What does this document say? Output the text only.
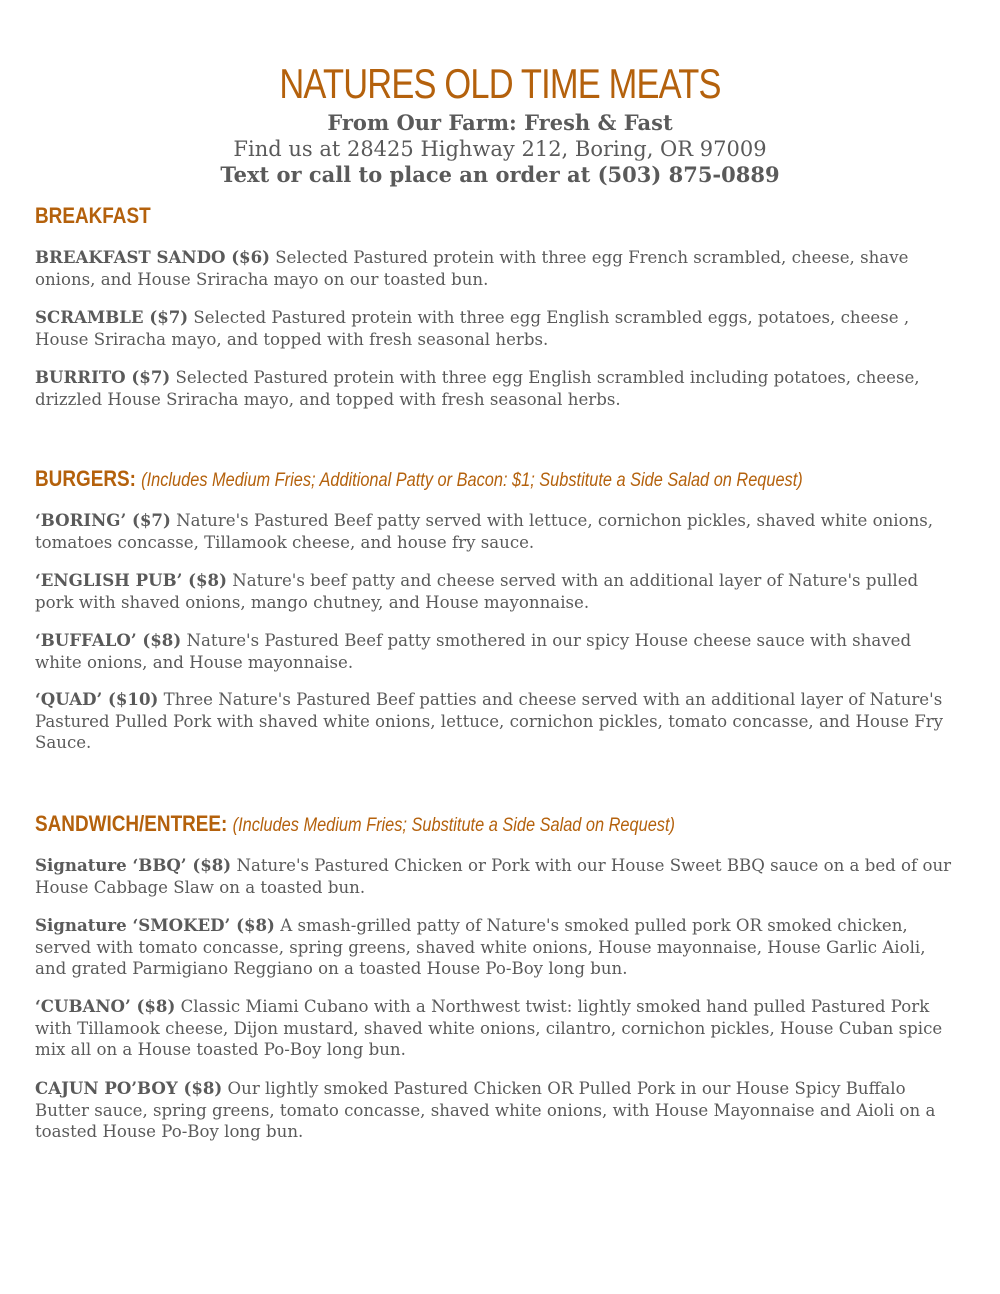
NATURES OLD TIME MEATS
From Our Farm: Fresh & Fast
Find us at 28425 Highway 212, Boring, OR 97009
Text or call to place an order at (503) 875-0889
BREAKFAST
BREAKFAST SANDO ($6) Selected Pastured protein with three egg French scrambled, cheese, shave onions, and House Sriracha mayo on our toasted bun.
SCRAMBLE ($7) Selected Pastured protein with three egg English scrambled eggs, potatoes, cheese , House Sriracha mayo, and topped with fresh seasonal herbs.
BURRITO ($7) Selected Pastured protein with three egg English scrambled including potatoes, cheese, drizzled House Sriracha mayo, and topped with fresh seasonal herbs.
BURGERS: (Includes Medium Fries; Additional Patty or Bacon: $1; Substitute a Side Salad on Request)
‘BORING’ ($7) Nature's Pastured Beef patty served with lettuce, cornichon pickles, shaved white onions, tomatoes concasse, Tillamook cheese, and house fry sauce.
‘ENGLISH PUB’ ($8) Nature's beef patty and cheese served with an additional layer of Nature's pulled pork with shaved onions, mango chutney, and House mayonnaise.
‘BUFFALO’ ($8) Nature's Pastured Beef patty smothered in our spicy House cheese sauce with shaved white onions, and House mayonnaise.
‘QUAD’ ($10) Three Nature's Pastured Beef patties and cheese served with an additional layer of Nature's Pastured Pulled Pork with shaved white onions, lettuce, cornichon pickles, tomato concasse, and House Fry Sauce.
SANDWICH/ENTREE: (Includes Medium Fries; Substitute a Side Salad on Request)
Signature ‘BBQ’ ($8) Nature's Pastured Chicken or Pork with our House Sweet BBQ sauce on a bed of our House Cabbage Slaw on a toasted bun.
Signature ‘SMOKED’ ($8) A smash-grilled patty of Nature's smoked pulled pork OR smoked chicken, served with tomato concasse, spring greens, shaved white onions, House mayonnaise, House Garlic Aioli, and grated Parmigiano Reggiano on a toasted House Po-Boy long bun.
‘CUBANO’ ($8) Classic Miami Cubano with a Northwest twist: lightly smoked hand pulled Pastured Pork with Tillamook cheese, Dijon mustard, shaved white onions, cilantro, cornichon pickles, House Cuban spice mix all on a House toasted Po-Boy long bun.
CAJUN PO’BOY ($8) Our lightly smoked Pastured Chicken OR Pulled Pork in our House Spicy Buffalo Butter sauce, spring greens, tomato concasse, shaved white onions, with House Mayonnaise and Aioli on a toasted House Po-Boy long bun.
